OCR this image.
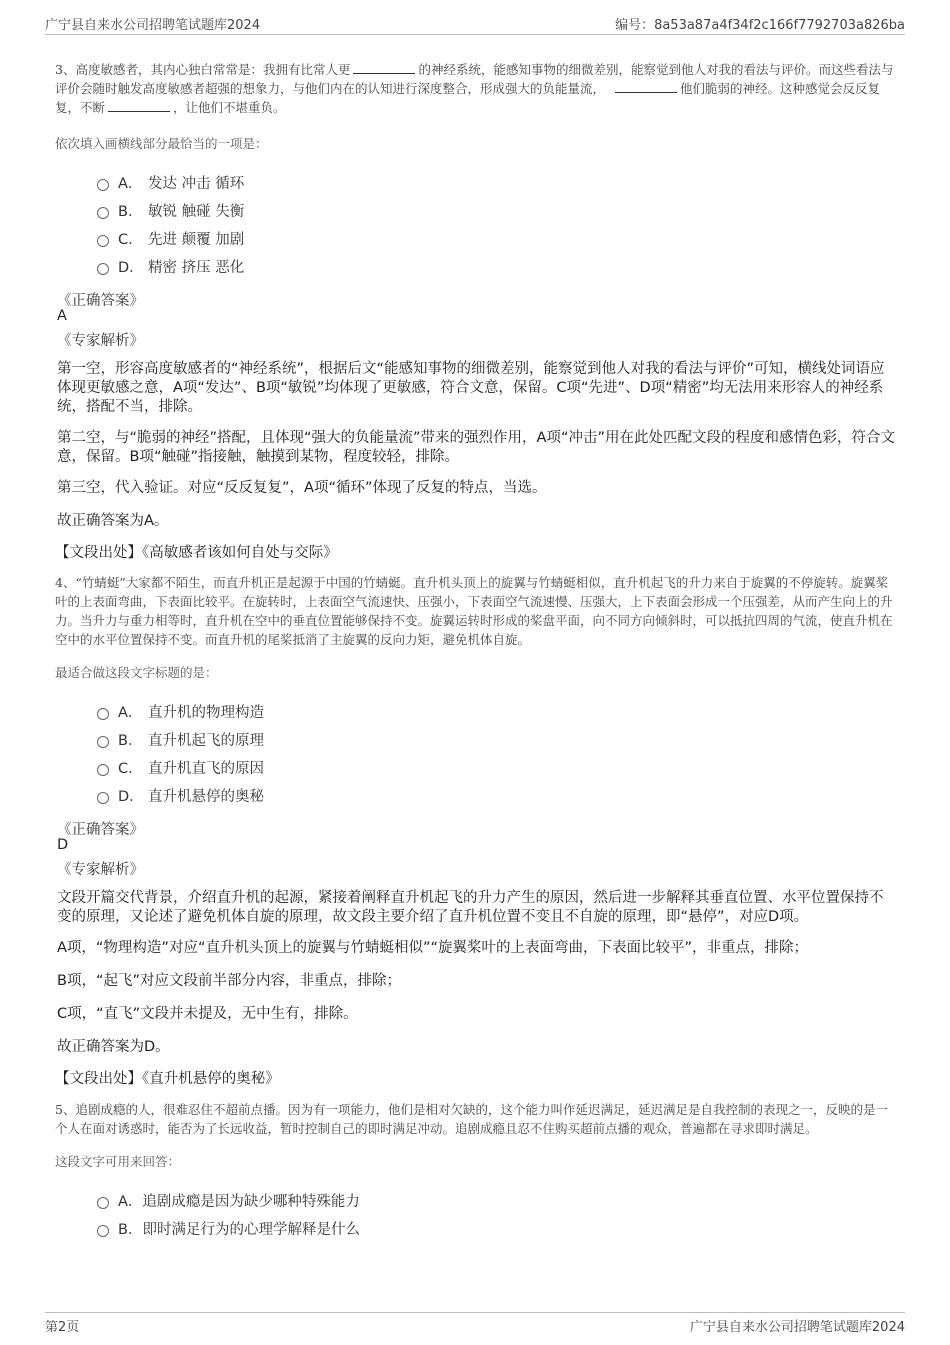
广宁县自来水公司招聘笔试题库2024	编号：8a53a87a4f34f2c166f7792703a826ba

3、高度敏感者，其内心独白常常是：我拥有比常人更	的神经系统，能感知事物的细微差别，能察觉到他人对我的看法与评价。而这些看法与评价会随时触发高度敏感者超强的想象力，与他们内在的认知进行深度整合，形成强大的负能量流，	他们脆弱的神经。这种感觉会反反复复，不断	，让他们不堪重负。

依次填入画横线部分最恰当的一项是：

A． 发达 冲击 循环
B． 敏锐 触碰 失衡
C． 先进 颠覆 加剧
D． 精密 挤压 恶化

《正确答案》

A

《专家解析》

第一空，形容高度敏感者的“神经系统”，根据后文“能感知事物的细微差别，能察觉到他人对我的看法与评价”可知，横线处词语应体现更敏感之意，A项“发达”、B项“敏锐”均体现了更敏感，符合文意，保留。C项“先进”、D项“精密”均无法用来形容人的神经系统，搭配不当，排除。

第二空，与“脆弱的神经”搭配，且体现“强大的负能量流”带来的强烈作用，A项“冲击”用在此处匹配文段的程度和感情色彩，符合文意，保留。B项“触碰”指接触，触摸到某物，程度较轻，排除。

第三空，代入验证。对应“反反复复”，A项“循环”体现了反复的特点，当选。

故正确答案为A。

【文段出处】《高敏感者该如何自处与交际》

4、“竹蜻蜓”大家都不陌生，而直升机正是起源于中国的竹蜻蜓。直升机头顶上的旋翼与竹蜻蜓相似，直升机起飞的升力来自于旋翼的不停旋转。旋翼桨叶的上表面弯曲，下表面比较平。在旋转时，上表面空气流速快、压强小，下表面空气流速慢、压强大，上下表面会形成一个压强差，从而产生向上的升力。当升力与重力相等时，直升机在空中的垂直位置能够保持不变。旋翼运转时形成的桨盘平面，向不同方向倾斜时，可以抵抗四周的气流，使直升机在空中的水平位置保持不变。而直升机的尾桨抵消了主旋翼的反向力矩，避免机体自旋。

最适合做这段文字标题的是：

A． 直升机的物理构造
B． 直升机起飞的原理
C． 直升机直飞的原因
D． 直升机悬停的奥秘

《正确答案》

D

《专家解析》

文段开篇交代背景，介绍直升机的起源，紧接着阐释直升机起飞的升力产生的原因，然后进一步解释其垂直位置、水平位置保持不变的原理，又论述了避免机体自旋的原理，故文段主要介绍了直升机位置不变且不自旋的原理，即“悬停”，对应D项。

A项，“物理构造”对应“直升机头顶上的旋翼与竹蜻蜓相似”“旋翼桨叶的上表面弯曲，下表面比较平”，非重点，排除；

B项，“起飞”对应文段前半部分内容，非重点，排除；

C项，“直飞”文段并未提及，无中生有，排除。

故正确答案为D。

【文段出处】《直升机悬停的奥秘》

5、追剧成瘾的人，很难忍住不超前点播。因为有一项能力，他们是相对欠缺的，这个能力叫作延迟满足，延迟满足是自我控制的表现之一，反映的是一个人在面对诱惑时，能否为了长远收益，暂时控制自己的即时满足冲动。追剧成瘾且忍不住购买超前点播的观众，普遍都在寻求即时满足。

这段文字可用来回答：

A． 追剧成瘾是因为缺少哪种特殊能力
B． 即时满足行为的心理学解释是什么
第2页	广宁县自来水公司招聘笔试题库2024
